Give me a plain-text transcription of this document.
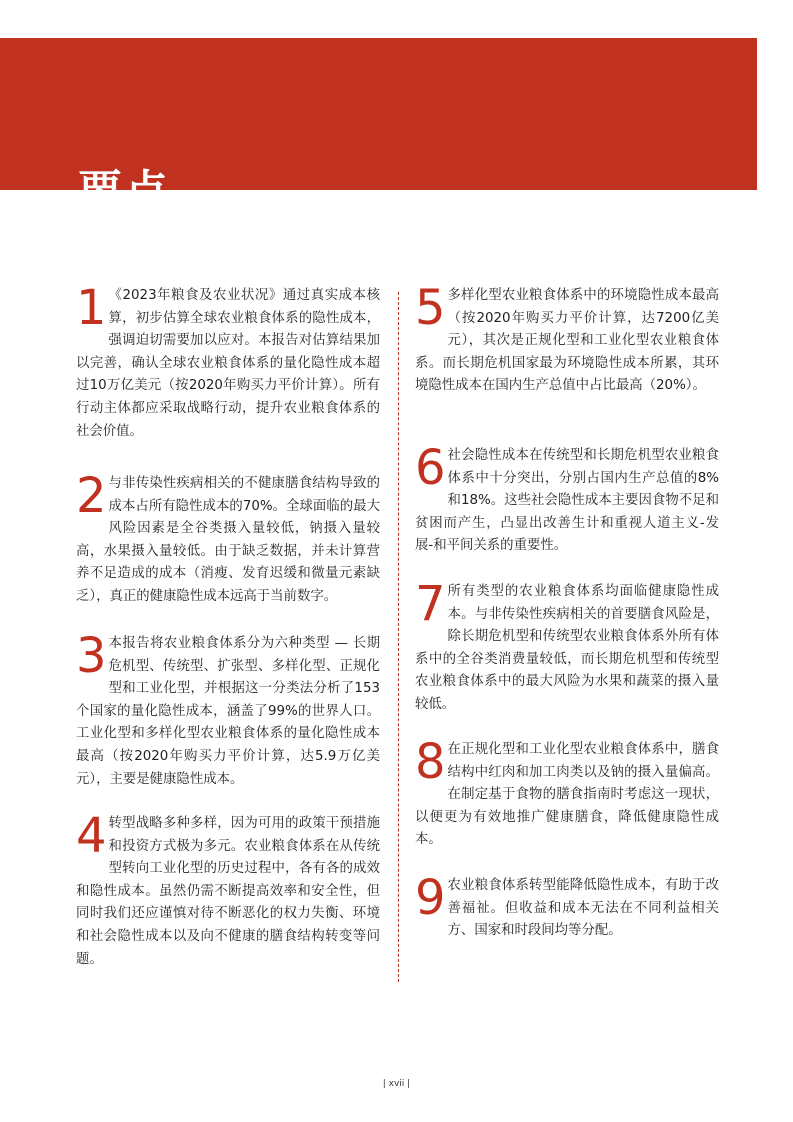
要点
1 《2023年粮食及农业状况》通过真实成本核算，初步估算全球农业粮食体系的隐性成本，强调迫切需要加以应对。本报告对估算结果加以完善，确认全球农业粮食体系的量化隐性成本超过10万亿美元（按2020年购买力平价计算）。所有行动主体都应采取战略行动，提升农业粮食体系的社会价值。

2 与非传染性疾病相关的不健康膳食结构导致的成本占所有隐性成本的70%。全球面临的最大风险因素是全谷类摄入量较低，钠摄入量较高，水果摄入量较低。由于缺乏数据，并未计算营养不足造成的成本（消瘦、发育迟缓和微量元素缺乏），真正的健康隐性成本远高于当前数字。

3 本报告将农业粮食体系分为六种类型 — 长期危机型、传统型、扩张型、多样化型、正规化型和工业化型，并根据这一分类法分析了153个国家的量化隐性成本，涵盖了99%的世界人口。工业化型和多样化型农业粮食体系的量化隐性成本最高（按2020年购买力平价计算，达5.9万亿美元），主要是健康隐性成本。

4 转型战略多种多样，因为可用的政策干预措施和投资方式极为多元。农业粮食体系在从传统型转向工业化型的历史过程中，各有各的成效和隐性成本。虽然仍需不断提高效率和安全性，但同时我们还应谨慎对待不断恶化的权力失衡、环境和社会隐性成本以及向不健康的膳食结构转变等问题。

5 多样化型农业粮食体系中的环境隐性成本最高（按2020年购买力平价计算，达7200亿美元），其次是正规化型和工业化型农业粮食体系。而长期危机国家最为环境隐性成本所累，其环境隐性成本在国内生产总值中占比最高（20%）。

6 社会隐性成本在传统型和长期危机型农业粮食体系中十分突出，分别占国内生产总值的8%和18%。这些社会隐性成本主要因食物不足和贫困而产生，凸显出改善生计和重视人道主义-发展-和平间关系的重要性。

7 所有类型的农业粮食体系均面临健康隐性成本。与非传染性疾病相关的首要膳食风险是，除长期危机型和传统型农业粮食体系外所有体系中的全谷类消费量较低，而长期危机型和传统型农业粮食体系中的最大风险为水果和蔬菜的摄入量较低。

8 在正规化型和工业化型农业粮食体系中，膳食结构中红肉和加工肉类以及钠的摄入量偏高。在制定基于食物的膳食指南时考虑这一现状，以便更为有效地推广健康膳食，降低健康隐性成本。

9 农业粮食体系转型能降低隐性成本，有助于改善福祉。但收益和成本无法在不同利益相关方、国家和时段间均等分配。

| xvii |
